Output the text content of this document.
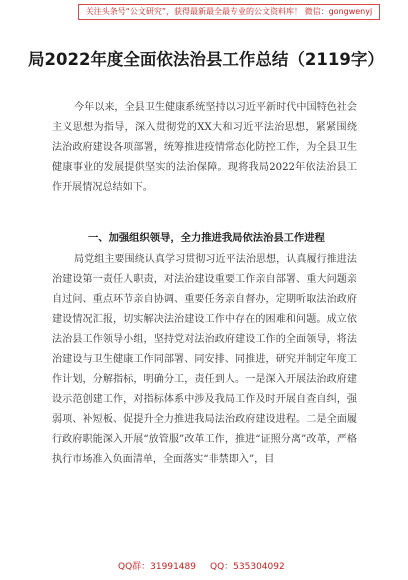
关注头条号“公文研究”，获得最新最全最专业的公文资料库！ 微信：gongwenyj
局2022年度全面依法治县工作总结（2119字）

今年以来，全县卫生健康系统坚持以习近平新时代中国特色社会主义思想为指导，深入贯彻党的XX大和习近平法治思想，紧紧围绕法治政府建设各项部署，统筹推进疫情常态化防控工作，为全县卫生健康事业的发展提供坚实的法治保障。现将我局2022年依法治县工作开展情况总结如下。

一、加强组织领导，全力推进我局依法治县工作进程

局党组主要围绕认真学习贯彻习近平法治思想，认真履行推进法治建设第一责任人职责，对法治建设重要工作亲自部署、重大问题亲自过问、重点环节亲自协调、重要任务亲自督办，定期听取法治政府建设情况汇报，切实解决法治建设工作中存在的困难和问题。成立依法治县工作领导小组，坚持党对法治政府建设工作的全面领导，将法治建设与卫生健康工作同部署、同安排、同推进，研究并制定年度工作计划，分解指标，明确分工，责任到人。一是深入开展法治政府建设示范创建工作，对指标体系中涉及我局工作及时开展自查自纠，强弱项、补短板、促提升全力推进我局法治政府建设进程。二是全面履行政府职能深入开展“放管服”改革工作，推进“证照分离”改革，严格执行市场准入负面清单，全面落实“非禁即入”，目

QQ群：31991489 QQ：535304092
